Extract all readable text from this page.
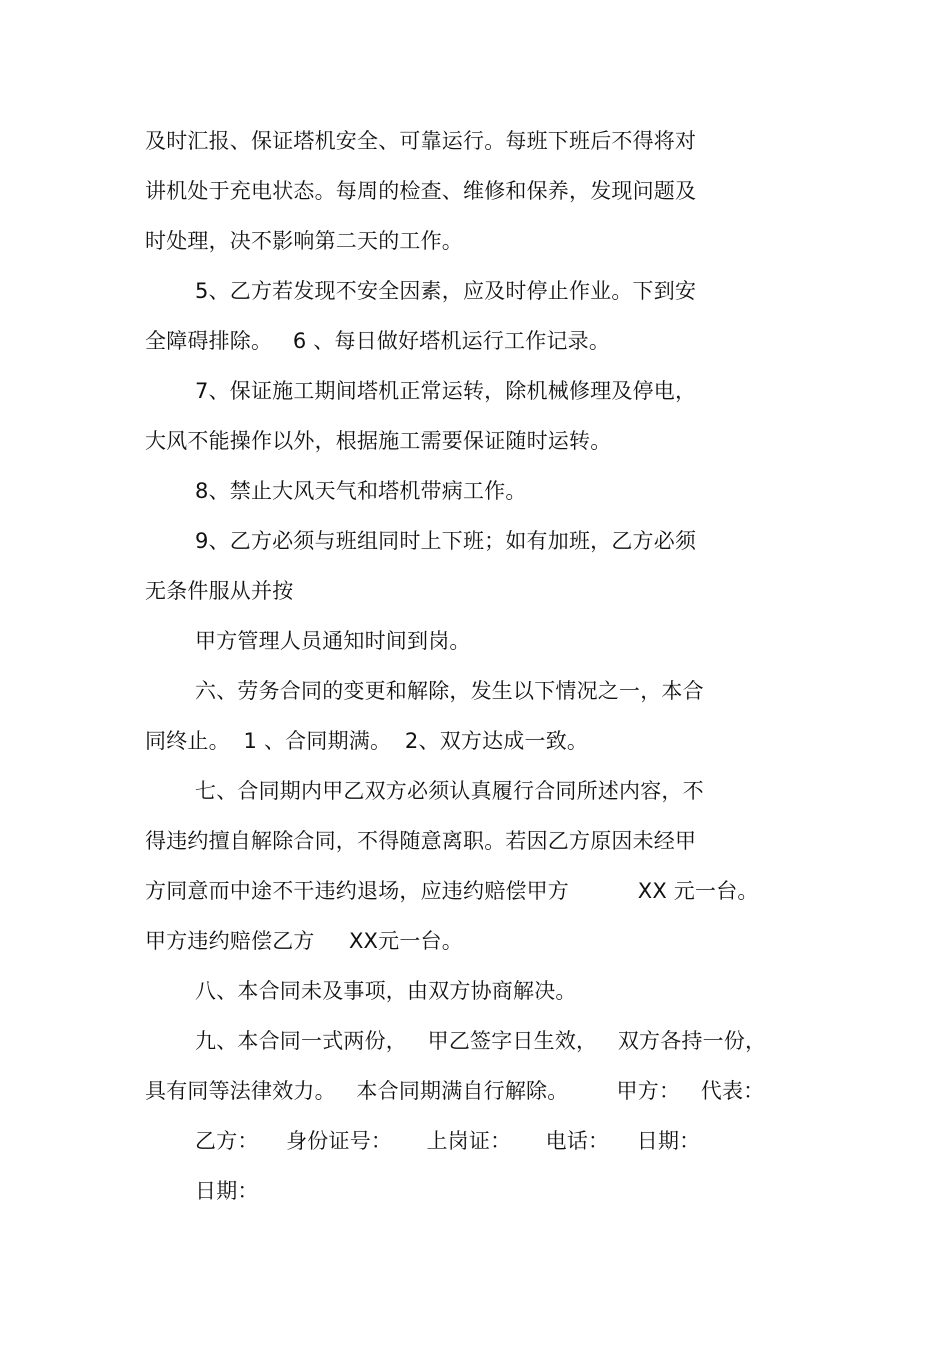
及时汇报、保证塔机安全、可靠运行。每班下班后不得将对
讲机处于充电状态。每周的检查、维修和保养，发现问题及
时处理，决不影响第二天的工作。
5、乙方若发现不安全因素，应及时停止作业。下到安
全障碍排除。   6 、每日做好塔机运行工作记录。
7、保证施工期间塔机正常运转，除机械修理及停电，
大风不能操作以外，根据施工需要保证随时运转。
8、禁止大风天气和塔机带病工作。
9、乙方必须与班组同时上下班；如有加班，乙方必须
无条件服从并按
甲方管理人员通知时间到岗。
六、劳务合同的变更和解除，发生以下情况之一，本合
同终止。  1 、合同期满。  2、双方达成一致。
七、合同期内甲乙双方必须认真履行合同所述内容，不
得违约擅自解除合同，不得随意离职。若因乙方原因未经甲
方同意而中途不干违约退场，应违约赔偿甲方          XX 元一台。
甲方违约赔偿乙方     XX元一台。
八、本合同未及事项，由双方协商解决。
九、本合同一式两份，   甲乙签字日生效，   双方各持一份，
具有同等法律效力。   本合同期满自行解除。       甲方：   代表：
乙方：    身份证号：     上岗证：     电话：    日期：
日期：
